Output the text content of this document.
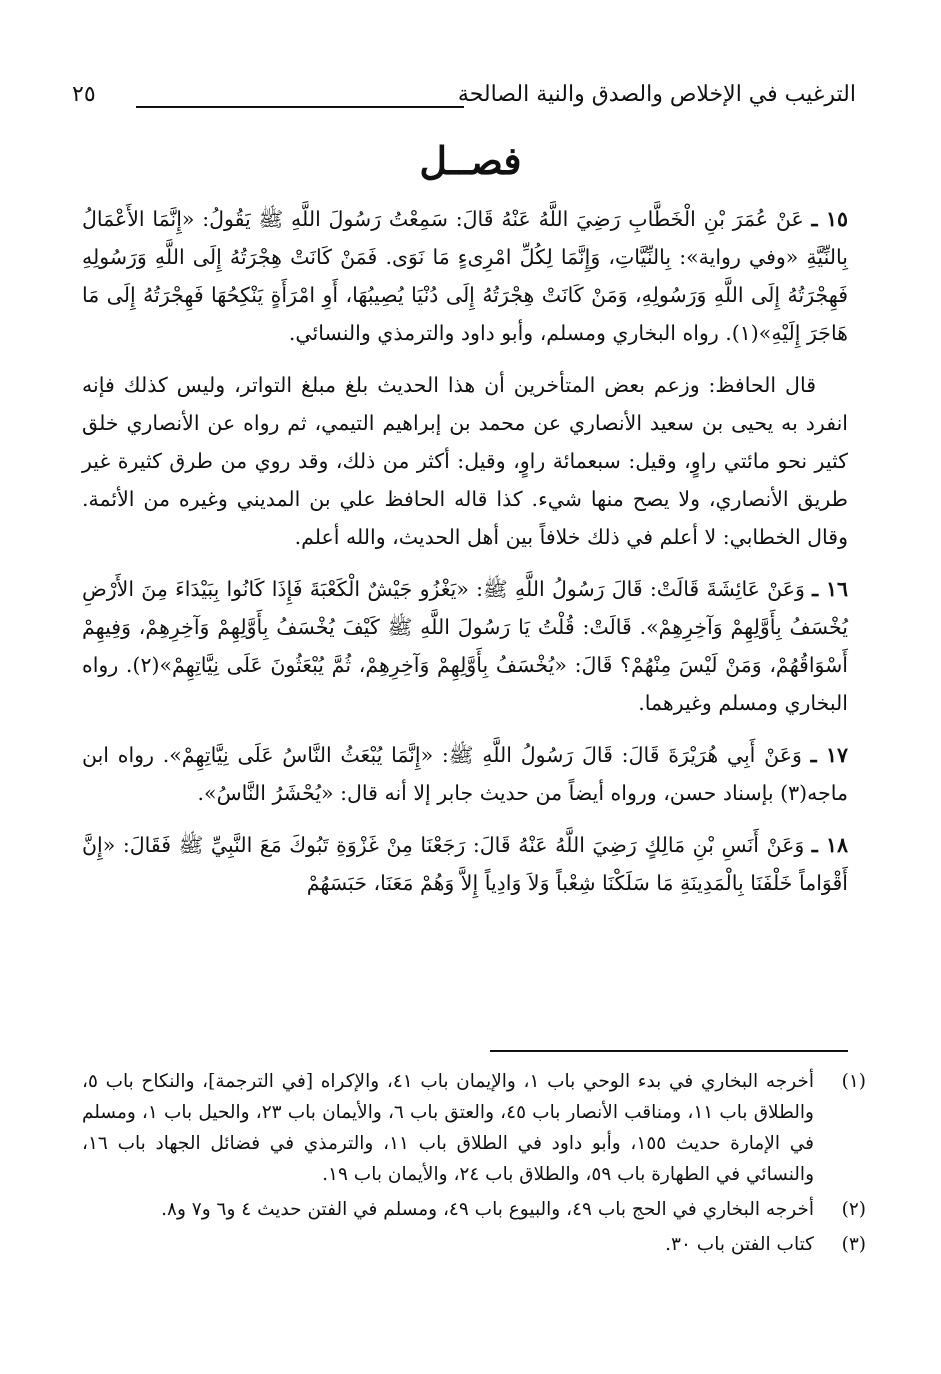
الترغيب في الإخلاص والصدق والنية الصالحة
٢٥
فصــل

١٥ ـ عَنْ عُمَرَ بْنِ الْخَطَّابِ رَضِيَ اللَّهُ عَنْهُ قَالَ: سَمِعْتُ رَسُولَ اللَّهِ ﷺ يَقُولُ: «إِنَّمَا الأَعْمَالُ بِالنِّيَّةِ «وفي رواية»: بِالنِّيَّاتِ، وَإِنَّمَا لِكُلِّ امْرِىءٍ مَا نَوَى. فَمَنْ كَانَتْ هِجْرَتُهُ إِلَى اللَّهِ وَرَسُولِهِ فَهِجْرَتُهُ إِلَى اللَّهِ وَرَسُولِهِ، وَمَنْ كَانَتْ هِجْرَتُهُ إِلَى دُنْيَا يُصِيبُهَا، أَوِ امْرَأَةٍ يَنْكِحُهَا فَهِجْرَتُهُ إِلَى مَا هَاجَرَ إِلَيْهِ»(١). رواه البخاري ومسلم، وأبو داود والترمذي والنسائي.

قال الحافظ: وزعم بعض المتأخرين أن هذا الحديث بلغ مبلغ التواتر، وليس كذلك فإنه انفرد به يحيى بن سعيد الأنصاري عن محمد بن إبراهيم التيمي، ثم رواه عن الأنصاري خلق كثير نحو مائتي راوٍ، وقيل: سبعمائة راوٍ، وقيل: أكثر من ذلك، وقد روي من طرق كثيرة غير طريق الأنصاري، ولا يصح منها شيء. كذا قاله الحافظ علي بن المديني وغيره من الأئمة. وقال الخطابي: لا أعلم في ذلك خلافاً بين أهل الحديث، والله أعلم.

١٦ ـ وَعَنْ عَائِشَةَ قَالَتْ: قَالَ رَسُولُ اللَّهِ ﷺ: «يَغْزُو جَيْشٌ الْكَعْبَةَ فَإِذَا كَانُوا بِبَيْدَاءَ مِنَ الأَرْضِ يُخْسَفُ بِأَوَّلِهِمْ وَآخِرِهِمْ». قَالَتْ: قُلْتُ يَا رَسُولَ اللَّهِ ﷺ كَيْفَ يُخْسَفُ بِأَوَّلِهِمْ وَآخِرِهِمْ، وَفِيهِمْ أَسْوَاقُهُمْ، وَمَنْ لَيْسَ مِنْهُمْ؟ قَالَ: «يُخْسَفُ بِأَوَّلِهِمْ وَآخِرِهِمْ، ثُمَّ يُبْعَثُونَ عَلَى نِيَّاتِهِمْ»(٢). رواه البخاري ومسلم وغيرهما.

١٧ ـ وَعَنْ أَبِي هُرَيْرَةَ قَالَ: قَالَ رَسُولُ اللَّهِ ﷺ: «إِنَّمَا يُبْعَثُ النَّاسُ عَلَى نِيَّاتِهِمْ». رواه ابن ماجه(٣) بإسناد حسن، ورواه أيضاً من حديث جابر إلا أنه قال: «يُحْشَرُ النَّاسُ».

١٨ ـ وَعَنْ أَنَسِ بْنِ مَالِكٍ رَضِيَ اللَّهُ عَنْهُ قَالَ: رَجَعْنَا مِنْ غَزْوَةِ تَبُوكَ مَعَ النَّبِيِّ ﷺ فَقَالَ: «إِنَّ أَقْوَاماً خَلْفَنَا بِالْمَدِينَةِ مَا سَلَكْنَا شِعْباً وَلاَ وَادِياً إِلاَّ وَهُمْ مَعَنَا، حَبَسَهُمْ

(١)
أخرجه البخاري في بدء الوحي باب ١، والإيمان باب ٤١، والإكراه [في الترجمة]، والنكاح باب ٥، والطلاق باب ١١، ومناقب الأنصار باب ٤٥، والعتق باب ٦، والأيمان باب ٢٣، والحيل باب ١، ومسلم في الإمارة حديث ١٥٥، وأبو داود في الطلاق باب ١١، والترمذي في فضائل الجهاد باب ١٦، والنسائي في الطهارة باب ٥٩، والطلاق باب ٢٤، والأيمان باب ١٩.
(٢)
أخرجه البخاري في الحج باب ٤٩، والبيوع باب ٤٩، ومسلم في الفتن حديث ٤ و٦ و٧ و٨.
(٣)
كتاب الفتن باب ٣٠.
